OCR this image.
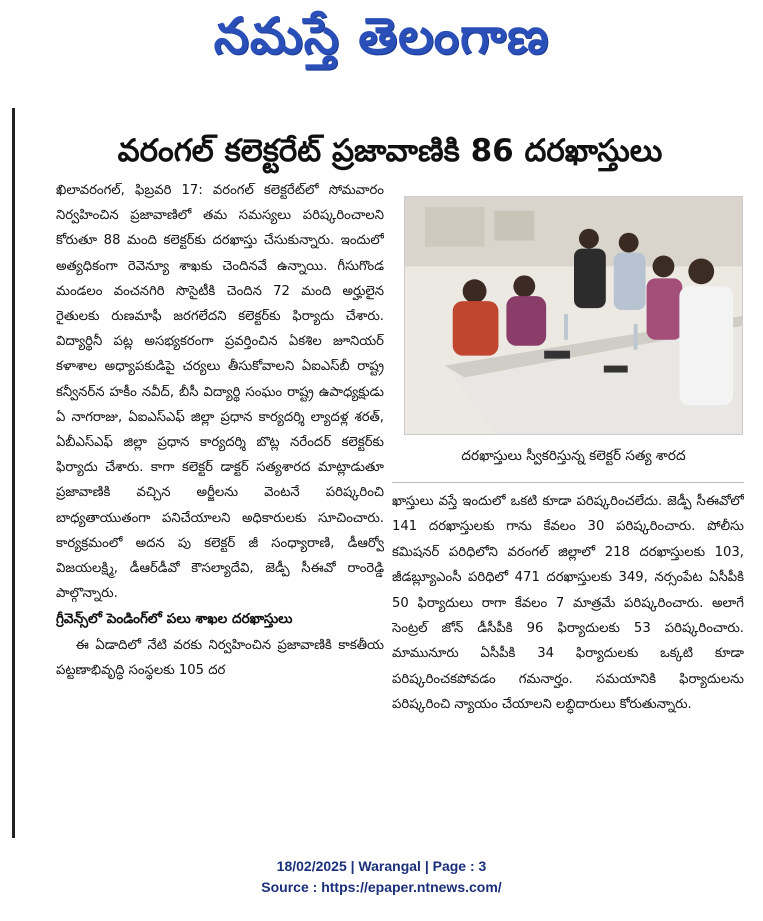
నమస్తే తెలంగాణ
వరంగల్ కలెక్టరేట్ ప్రజావాణికి 86 దరఖాస్తులు

ఖిలావరంగల్, ఫిబ్రవరి 17: వరంగల్ కలెక్టరేట్‌లో సోమవారం నిర్వహించిన ప్రజావాణిలో తమ సమస్యలు పరిష్కరించాలని కోరుతూ 88 మంది కలెక్టర్‌కు దరఖాస్తు చేసుకున్నారు. ఇందులో అత్యధికంగా రెవెన్యూ శాఖకు చెందినవే ఉన్నాయి. గీసుగొండ మండలం వంచనగిరి సొసైటీకి చెందిన 72 మంది అర్హులైన రైతులకు రుణమాఫీ జరగలేదని కలెక్టర్‌కు ఫిర్యాదు చేశారు. విద్యార్థినీ పట్ల అసభ్యకరంగా ప్రవర్తించిన ఏకశిల జూనియర్ కళాశాల అధ్యాపకుడిపై చర్యలు తీసుకోవాలని ఏఐఎస్‌బీ రాష్ట్ర కన్వీనర్‌న హకీం నవీద్, బీసీ విద్యార్థి సంఘం రాష్ట్ర ఉపాధ్యక్షుడు ఏ నాగరాజు, ఏఐఎస్‌ఎఫ్ జిల్లా ప్రధాన కార్యదర్శి ల్యాదళ్ల శరత్, ఏబీఎస్‌ఎఫ్ జిల్లా ప్రధాన కార్యదర్శి బొట్ల నరేందర్ కలెక్టర్‌కు ఫిర్యాదు చేశారు. కాగా కలెక్టర్ డాక్టర్ సత్యశారద మాట్లాడుతూ ప్రజావాణికి వచ్చిన అర్జీలను వెంటనే పరిష్కరించి బాధ్యతాయుతంగా పనిచేయాలని అధికారులకు సూచించారు. కార్యక్రమంలో అదన పు కలెక్టర్ జీ సంధ్యారాణి, డీఆర్వో విజయలక్ష్మి, డీఆర్‌డీవో కౌసల్యాదేవి, జెడ్పీ సీఈవో రాంరెడ్డి పాల్గొన్నారు.

గ్రీవెన్స్‌లో పెండింగ్‌లో పలు శాఖల దరఖాస్తులు

ఈ ఏడాదిలో నేటి వరకు నిర్వహించిన ప్రజావాణికి కాకతీయ పట్టణాభివృద్ధి సంస్థలకు 105 దర

దరఖాస్తులు స్వీకరిస్తున్న కలెక్టర్ సత్య శారద

ఖాస్తులు వస్తే ఇందులో ఒకటి కూడా పరిష్కరించలేదు. జెడ్పీ సీఈవోలో 141 దరఖాస్తులకు గాను కేవలం 30 పరిష్కరించారు. పోలీసు కమిషనర్ పరిధిలోని వరంగల్ జిల్లాలో 218 దరఖాస్తులకు 103, జీడబ్ల్యూఎంసీ పరిధిలో 471 దరఖాస్తులకు 349, నర్సంపేట ఏసీపీకి 50 ఫిర్యాదులు రాగా కేవలం 7 మాత్రమే పరిష్కరించారు. అలాగే సెంట్రల్ జోన్ డీసీపీకి 96 ఫిర్యాదులకు 53 పరిష్కరించారు. మామునూరు ఏసీపీకి 34 ఫిర్యాదులకు ఒక్కటి కూడా పరిష్కరించకపోవడం గమనార్హం. సమయానికి ఫిర్యాదులను పరిష్కరించి న్యాయం చేయాలని లబ్ధిదారులు కోరుతున్నారు.

18/02/2025 | Warangal | Page : 3
Source : https://epaper.ntnews.com/
